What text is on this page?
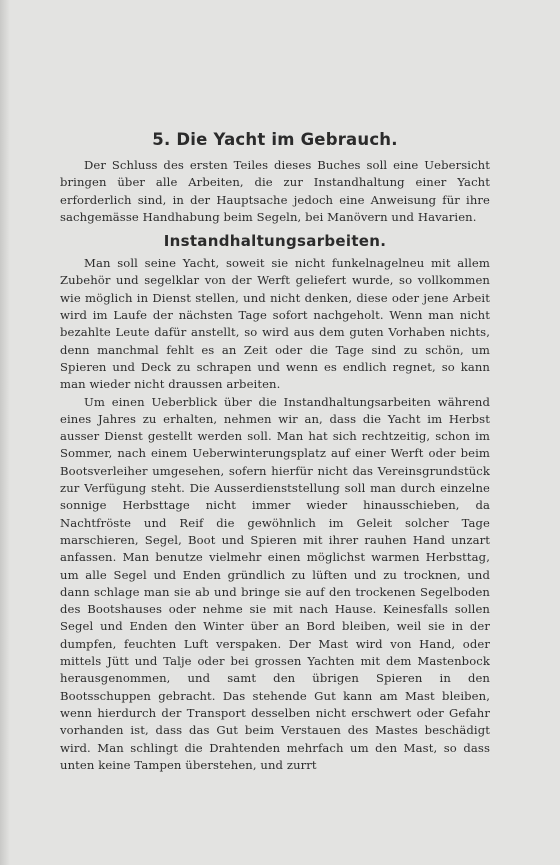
5. Die Yacht im Gebrauch.

Der Schluss des ersten Teiles dieses Buches soll eine Uebersicht bringen über alle Arbeiten, die zur Instandhaltung einer Yacht erforderlich sind, in der Hauptsache jedoch eine Anweisung für ihre sachgemässe Handhabung beim Segeln, bei Manövern und Havarien.

Instandhaltungsarbeiten.

Man soll seine Yacht, soweit sie nicht funkelnagelneu mit allem Zubehör und segelklar von der Werft geliefert wurde, so vollkommen wie möglich in Dienst stellen, und nicht denken, diese oder jene Arbeit wird im Laufe der nächsten Tage sofort nachgeholt. Wenn man nicht bezahlte Leute dafür anstellt, so wird aus dem guten Vorhaben nichts, denn manchmal fehlt es an Zeit oder die Tage sind zu schön, um Spieren und Deck zu schrapen und wenn es endlich regnet, so kann man wieder nicht draussen arbeiten.

Um einen Ueberblick über die Instandhaltungsarbeiten während eines Jahres zu erhalten, nehmen wir an, dass die Yacht im Herbst ausser Dienst gestellt werden soll. Man hat sich rechtzeitig, schon im Sommer, nach einem Ueberwinterungsplatz auf einer Werft oder beim Bootsverleiher umgesehen, sofern hierfür nicht das Vereinsgrundstück zur Verfügung steht. Die Ausserdienststellung soll man durch einzelne sonnige Herbsttage nicht immer wieder hinausschieben, da Nachtfröste und Reif die gewöhnlich im Geleit solcher Tage marschieren, Segel, Boot und Spieren mit ihrer rauhen Hand unzart anfassen. Man benutze vielmehr einen möglichst warmen Herbsttag, um alle Segel und Enden gründlich zu lüften und zu trocknen, und dann schlage man sie ab und bringe sie auf den trockenen Segelboden des Bootshauses oder nehme sie mit nach Hause. Keinesfalls sollen Segel und Enden den Winter über an Bord bleiben, weil sie in der dumpfen, feuchten Luft verspaken. Der Mast wird von Hand, oder mittels Jütt und Talje oder bei grossen Yachten mit dem Mastenbock herausgenommen, und samt den übrigen Spieren in den Bootsschuppen gebracht. Das stehende Gut kann am Mast bleiben, wenn hierdurch der Transport desselben nicht erschwert oder Gefahr vorhanden ist, dass das Gut beim Verstauen des Mastes beschädigt wird. Man schlingt die Drahtenden mehrfach um den Mast, so dass unten keine Tampen überstehen, und zurrt
